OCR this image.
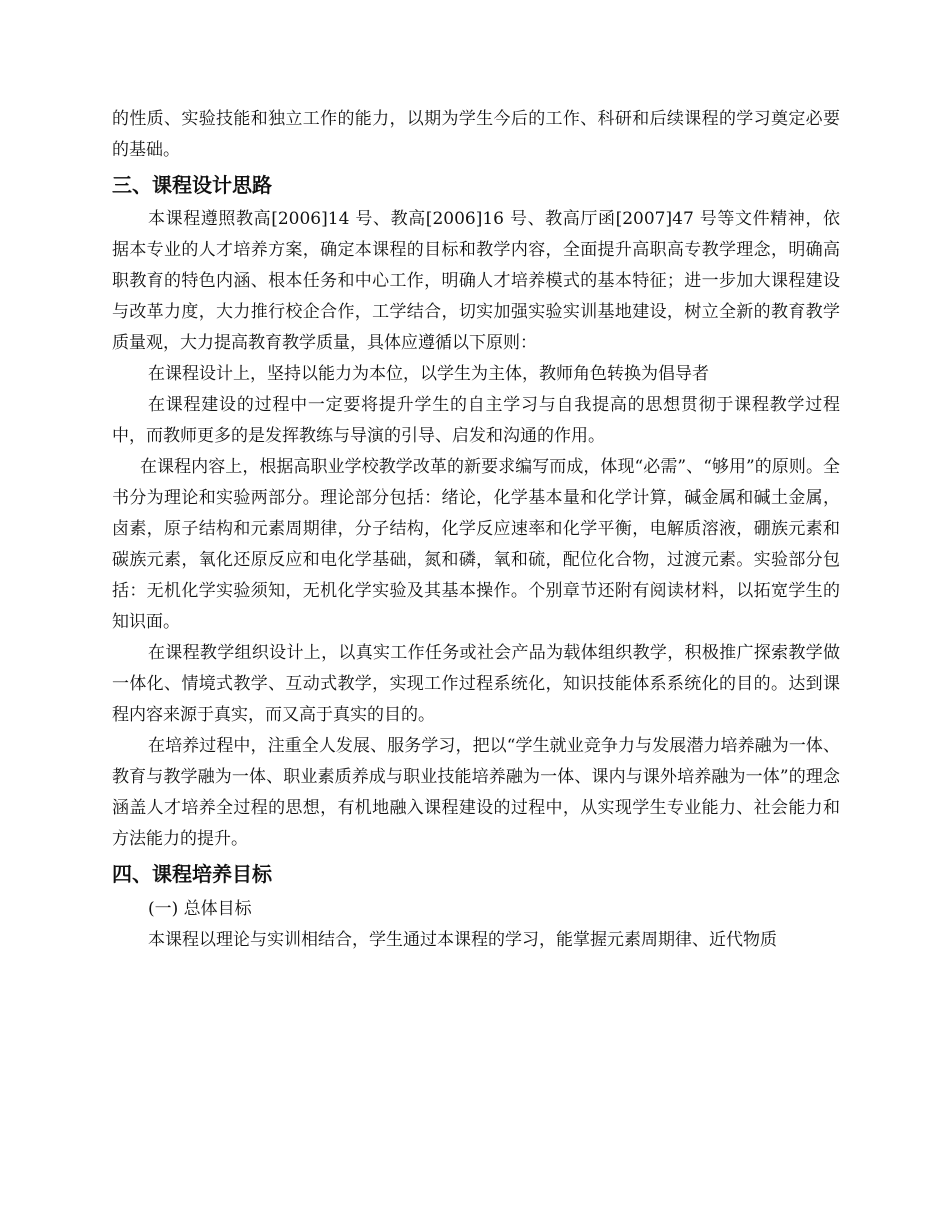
的性质、实验技能和独立工作的能力，以期为学生今后的工作、科研和后续课程的学习奠定必要的基础。

三、课程设计思路

本课程遵照教高[2006]14 号、教高[2006]16 号、教高厅函[2007]47 号等文件精神，依据本专业的人才培养方案，确定本课程的目标和教学内容，全面提升高职高专教学理念，明确高职教育的特色内涵、根本任务和中心工作，明确人才培养模式的基本特征；进一步加大课程建设与改革力度，大力推行校企合作，工学结合，切实加强实验实训基地建设，树立全新的教育教学质量观，大力提高教育教学质量，具体应遵循以下原则：

在课程设计上，坚持以能力为本位，以学生为主体，教师角色转换为倡导者

在课程建设的过程中一定要将提升学生的自主学习与自我提高的思想贯彻于课程教学过程中，而教师更多的是发挥教练与导演的引导、启发和沟通的作用。

在课程内容上，根据高职业学校教学改革的新要求编写而成，体现“必需”、“够用”的原则。全书分为理论和实验两部分。理论部分包括：绪论，化学基本量和化学计算，碱金属和碱土金属，卤素，原子结构和元素周期律，分子结构，化学反应速率和化学平衡，电解质溶液，硼族元素和碳族元素，氧化还原反应和电化学基础，氮和磷，氧和硫，配位化合物，过渡元素。实验部分包括：无机化学实验须知，无机化学实验及其基本操作。个别章节还附有阅读材料，以拓宽学生的知识面。

在课程教学组织设计上，以真实工作任务或社会产品为载体组织教学，积极推广探索教学做一体化、情境式教学、互动式教学，实现工作过程系统化，知识技能体系系统化的目的。达到课程内容来源于真实，而又高于真实的目的。

在培养过程中，注重全人发展、服务学习，把以“学生就业竞争力与发展潜力培养融为一体、教育与教学融为一体、职业素质养成与职业技能培养融为一体、课内与课外培养融为一体”的理念涵盖人才培养全过程的思想，有机地融入课程建设的过程中，从实现学生专业能力、社会能力和方法能力的提升。

四、课程培养目标

(一) 总体目标

本课程以理论与实训相结合，学生通过本课程的学习，能掌握元素周期律、近代物质
